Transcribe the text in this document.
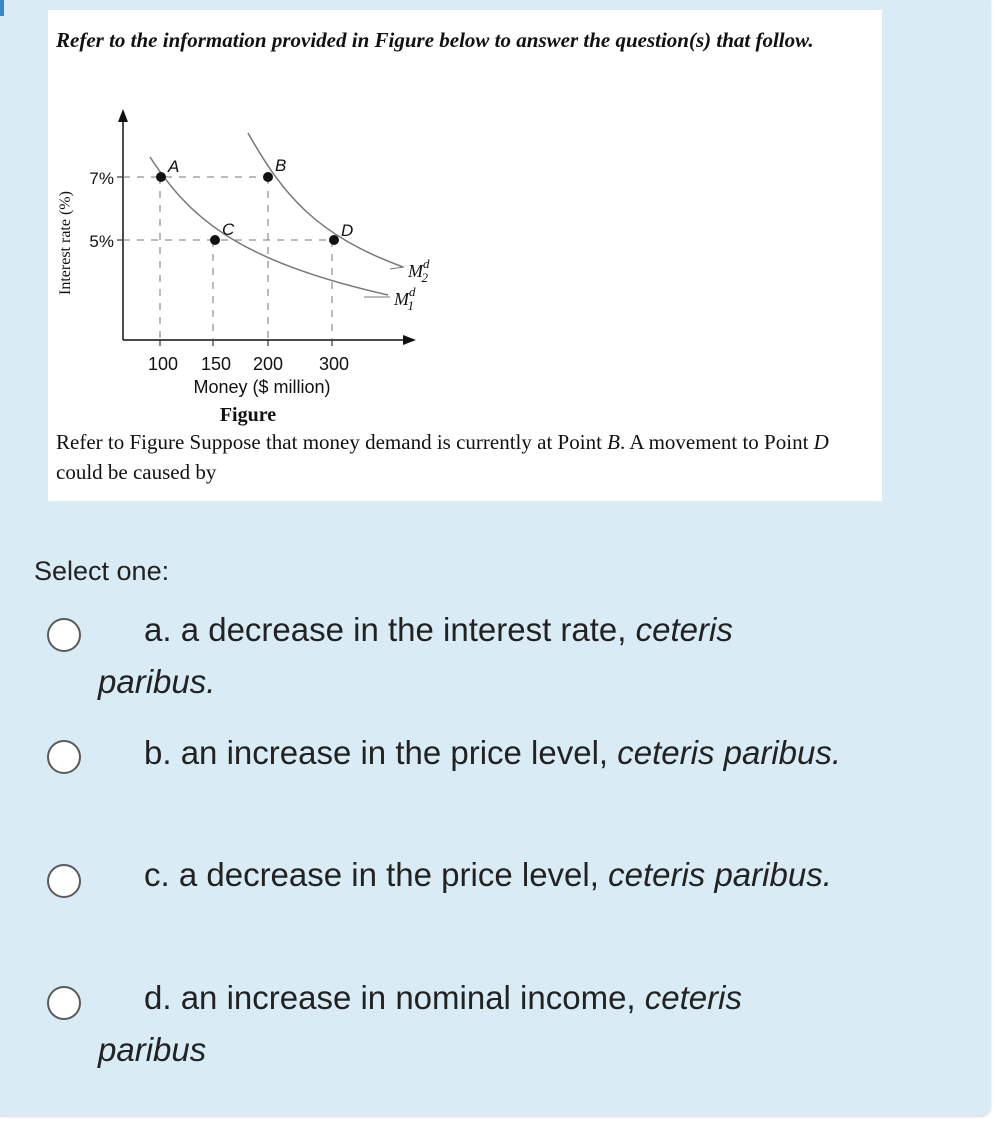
Refer to the information provided in Figure below to answer the question(s) that follow.

A	B
C	D
7%
5%
100 150 200 300
Interest rate (%)
Money ($ million)
Figure
$M^d$ 2
$M^d$ 1

Refer to Figure Suppose that money demand is currently at Point B. A movement to Point D could be caused by

Select one:
a. a decrease in the interest rate, ceteris paribus.
b. an increase in the price level, ceteris paribus.
c. a decrease in the price level, ceteris paribus.
d. an increase in nominal income, ceteris paribus
